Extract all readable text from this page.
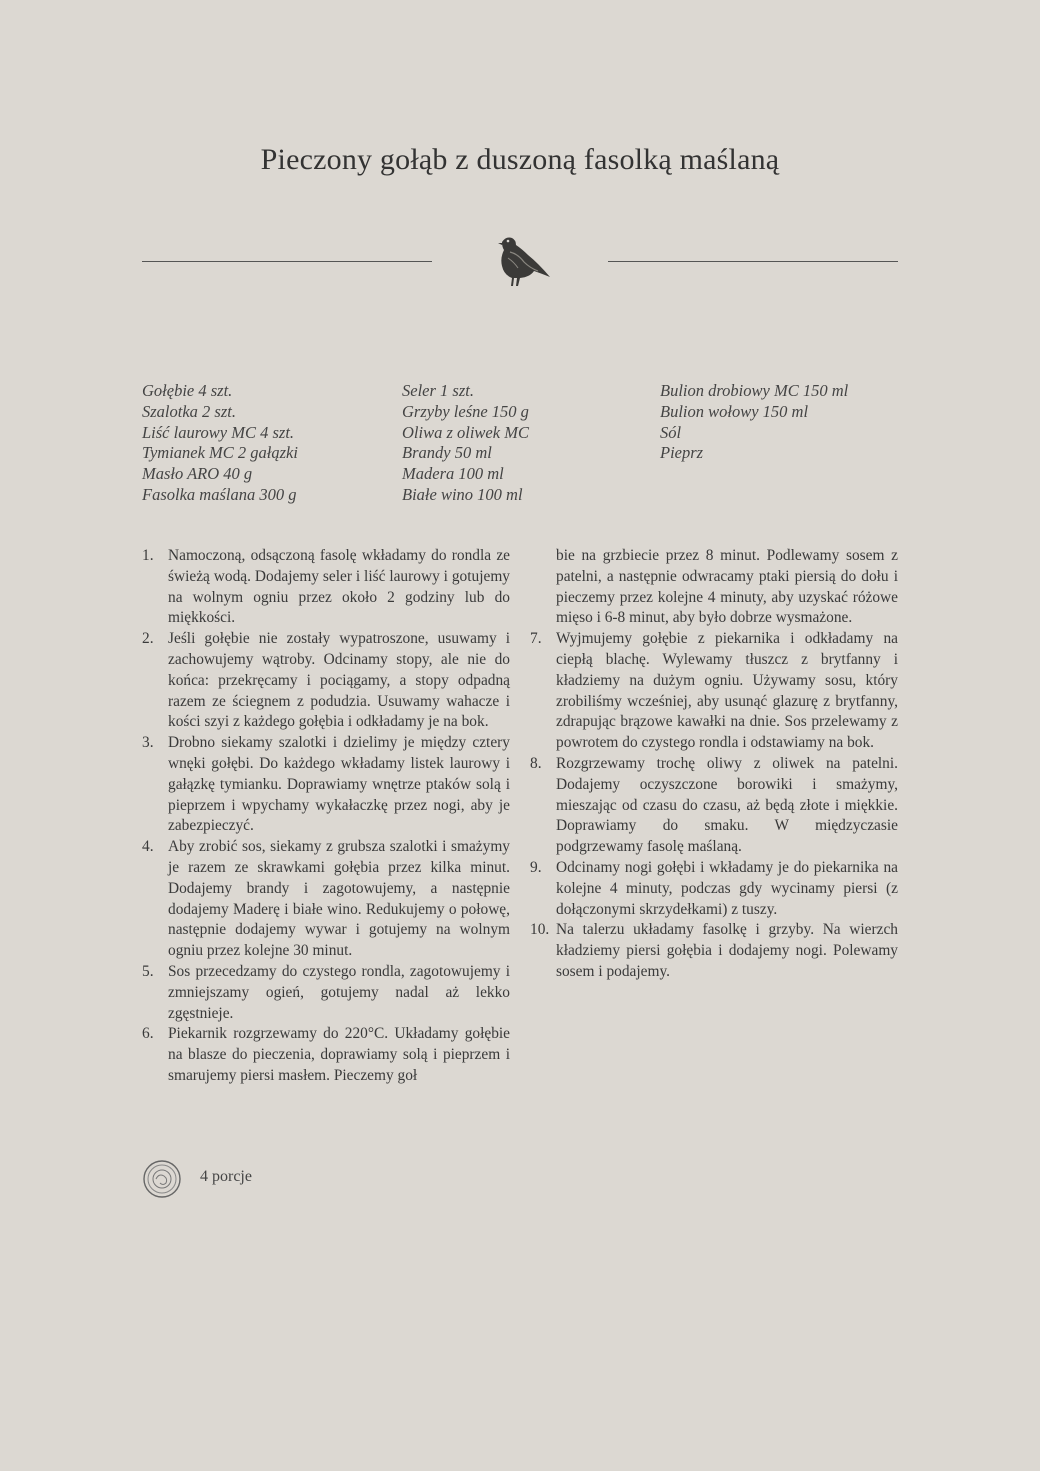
Pieczony gołąb z duszoną fasolką maślaną
Gołębie 4 szt.
Szalotka 2 szt.
Liść laurowy MC 4 szt.
Tymianek MC 2 gałązki
Masło ARO 40 g
Fasolka maślana 300 g
Seler 1 szt.
Grzyby leśne 150 g
Oliwa z oliwek MC
Brandy 50 ml
Madera 100 ml
Białe wino 100 ml
Bulion drobiowy MC 150 ml
Bulion wołowy 150 ml
Sól
Pieprz
1. Namoczoną, odsączoną fasolę wkładamy do rondla ze świeżą wodą. Dodajemy seler i liść laurowy i gotujemy na wolnym ogniu przez około 2 godziny lub do miękkości.
2. Jeśli gołębie nie zostały wypatroszone, usuwamy i zachowujemy wątroby. Odcinamy stopy, ale nie do końca: przekręcamy i pociągamy, a stopy odpadną razem ze ściegnem z podudzia. Usuwamy wahacze i kości szyi z każdego gołębia i odkładamy je na bok.
3. Drobno siekamy szalotki i dzielimy je między cztery wnęki gołębi. Do każdego wkładamy listek laurowy i gałązkę tymianku. Doprawiamy wnętrze ptaków solą i pieprzem i wpychamy wykałaczkę przez nogi, aby je zabezpieczyć.
4. Aby zrobić sos, siekamy z grubsza szalotki i smażymy je razem ze skrawkami gołębia przez kilka minut. Dodajemy brandy i zagotowujemy, a następnie dodajemy Maderę i białe wino. Redukujemy o połowę, następnie dodajemy wywar i gotujemy na wolnym ogniu przez kolejne 30 minut.
5. Sos przecedzamy do czystego rondla, zagotowujemy i zmniejszamy ogień, gotujemy nadal aż lekko zgęstnieje.
6. Piekarnik rozgrzewamy do 220°C. Układamy gołębie na blasze do pieczenia, doprawiamy solą i pieprzem i smarujemy piersi masłem. Pieczemy goł
bie na grzbiecie przez 8 minut. Podlewamy sosem z patelni, a następnie odwracamy ptaki piersią do dołu i pieczemy przez kolejne 4 minuty, aby uzyskać różowe mięso i 6-8 minut, aby było dobrze wysmażone.
7. Wyjmujemy gołębie z piekarnika i odkładamy na ciepłą blachę. Wylewamy tłuszcz z brytfanny i kładziemy na dużym ogniu. Używamy sosu, który zrobiliśmy wcześniej, aby usunąć glazurę z brytfanny, zdrapując brązowe kawałki na dnie. Sos przelewamy z powrotem do czystego rondla i odstawiamy na bok.
8. Rozgrzewamy trochę oliwy z oliwek na patelni. Dodajemy oczyszczone borowiki i smażymy, mieszając od czasu do czasu, aż będą złote i miękkie. Doprawiamy do smaku. W międzyczasie podgrzewamy fasolę maślaną.
9. Odcinamy nogi gołębi i wkładamy je do piekarnika na kolejne 4 minuty, podczas gdy wycinamy piersi (z dołączonymi skrzydełkami) z tuszy.
10. Na talerzu układamy fasolkę i grzyby. Na wierzch kładziemy piersi gołębia i dodajemy nogi. Polewamy sosem i podajemy.
4 porcje
